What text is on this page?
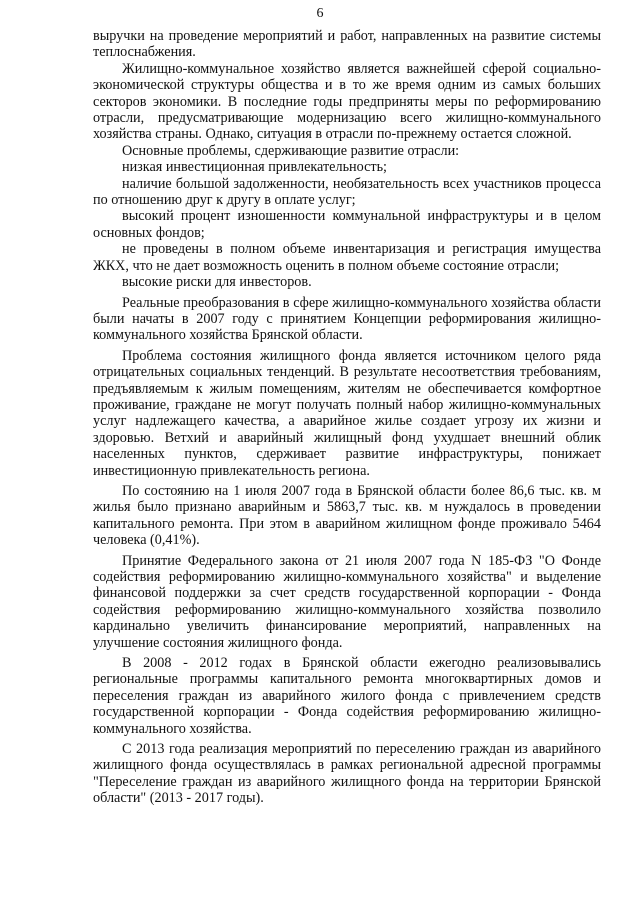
6

выручки на проведение мероприятий и работ, направленных на развитие системы теплоснабжения.

Жилищно-коммунальное хозяйство является важнейшей сферой социально-экономической структуры общества и в то же время одним из самых больших секторов экономики. В последние годы предприняты меры по реформированию отрасли, предусматривающие модернизацию всего жилищно-коммунального хозяйства страны. Однако, ситуация в отрасли по-прежнему остается сложной.

Основные проблемы, сдерживающие развитие отрасли:

низкая инвестиционная привлекательность;

наличие большой задолженности, необязательность всех участников процесса по отношению друг к другу в оплате услуг;

высокий процент изношенности коммунальной инфраструктуры и в целом основных фондов;

не проведены в полном объеме инвентаризация и регистрация имущества ЖКХ, что не дает возможность оценить в полном объеме состояние отрасли;

высокие риски для инвесторов.

Реальные преобразования в сфере жилищно-коммунального хозяйства области были начаты в 2007 году с принятием Концепции реформирования жилищно-коммунального хозяйства Брянской области.

Проблема состояния жилищного фонда является источником целого ряда отрицательных социальных тенденций. В результате несоответствия требованиям, предъявляемым к жилым помещениям, жителям не обеспечивается комфортное проживание, граждане не могут получать полный набор жилищно-коммунальных услуг надлежащего качества, а аварийное жилье создает угрозу их жизни и здоровью. Ветхий и аварийный жилищный фонд ухудшает внешний облик населенных пунктов, сдерживает развитие инфраструктуры, понижает инвестиционную привлекательность региона.

По состоянию на 1 июля 2007 года в Брянской области более 86,6 тыс. кв. м жилья было признано аварийным и 5863,7 тыс. кв. м нуждалось в проведении капитального ремонта. При этом в аварийном жилищном фонде проживало 5464 человека (0,41%).

Принятие Федерального закона от 21 июля 2007 года N 185-ФЗ "О Фонде содействия реформированию жилищно-коммунального хозяйства" и выделение финансовой поддержки за счет средств государственной корпорации - Фонда содействия реформированию жилищно-коммунального хозяйства позволило кардинально увеличить финансирование мероприятий, направленных на улучшение состояния жилищного фонда.

В 2008 - 2012 годах в Брянской области ежегодно реализовывались региональные программы капитального ремонта многоквартирных домов и переселения граждан из аварийного жилого фонда с привлечением средств государственной корпорации - Фонда содействия реформированию жилищно-коммунального хозяйства.

С 2013 года реализация мероприятий по переселению граждан из аварийного жилищного фонда осуществлялась в рамках региональной адресной программы "Переселение граждан из аварийного жилищного фонда на территории Брянской области" (2013 - 2017 годы).
